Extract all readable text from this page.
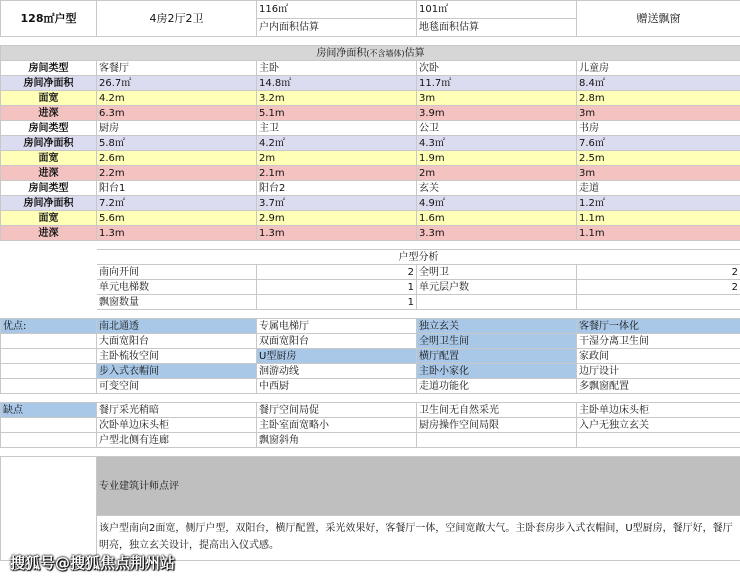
128㎡户型	4房2厅2卫	116㎡	101㎡	赠送飘窗
		户内面积估算	地毯面积估算	

房间净面积(不含墙体)估算				
房间类型	客餐厅	主卧	次卧	儿童房
房间净面积	26.7㎡	14.8㎡	11.7㎡	8.4㎡
面宽	4.2m	3.2m	3m	2.8m
进深	6.3m	5.1m	3.9m	3m
房间类型	厨房	主卫	公卫	书房
房间净面积	5.8㎡	4.2㎡	4.3㎡	7.6㎡
面宽	2.6m	2m	1.9m	2.5m
进深	2.2m	2.1m	2m	3m
房间类型	阳台1	阳台2	玄关	走道
房间净面积	7.2㎡	3.7㎡	4.9㎡	1.2㎡
面宽	5.6m	2.9m	1.6m	1.1m
进深	1.3m	1.3m	3.3m	1.1m

	户型分析			
	南向开间	2	全明卫	2
	单元电梯数	1	单元层户数	2
	飘窗数量	1		

优点:	南北通透	专属电梯厅	独立玄关	客餐厅一体化
	大面宽阳台	双面宽阳台	全明卫生间	干湿分离卫生间
	主卧梳妆空间	U型厨房	横厅配置	家政间
	步入式衣帽间	洄游动线	主卧小家化	边厅设计
	可变空间	中西厨	走道功能化	多飘窗配置

缺点	餐厅采光稍暗	餐厅空间局促	卫生间无自然采光	主卧单边床头柜
	次卧单边床头柜	主卧室面宽略小	厨房操作空间局限	入户无独立玄关
	户型北侧有连廊	飘窗斜角		

	专业建筑计师点评			
	该户型南向2面宽，侧厅户型，双阳台，横厅配置，采光效果好，客餐厅一体，空间宽敞大气。主卧套房步入式衣帽间，U型厨房，餐厅好，餐厅明亮，独立玄关设计，提高出入仪式感。			
搜狐号@搜狐焦点荆州站
